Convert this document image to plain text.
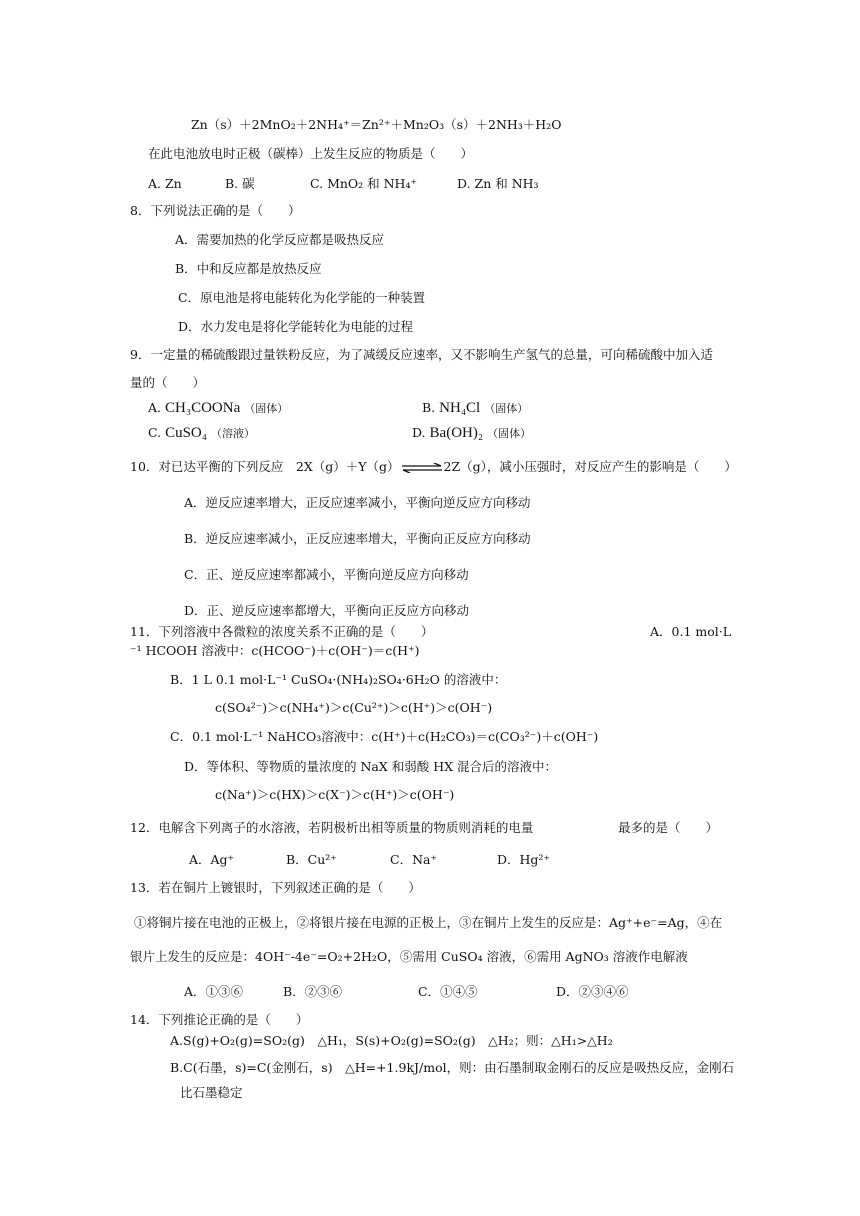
Zn（s）＋2MnO₂＋2NH₄⁺＝Zn²⁺＋Mn₂O₃（s）＋2NH₃＋H₂O
在此电池放电时正极（碳棒）上发生反应的物质是（　　）
A. Zn	B. 碳	C. MnO₂ 和 NH₄⁺	D. Zn 和 NH₃
8．下列说法正确的是（　　）
A．需要加热的化学反应都是吸热反应
B．中和反应都是放热反应
C．原电池是将电能转化为化学能的一种装置
D．水力发电是将化学能转化为电能的过程
9．一定量的稀硫酸跟过量铁粉反应，为了减缓反应速率，又不影响生产氢气的总量，可向稀硫酸中加入适
量的（　　）
A. CH₃COONa （固体）	B. NH₄Cl （固体）
C. CuSO₄ （溶液）	D. Ba(OH)₂ （固体）
10．对已达平衡的下列反应　2X（g）＋Y（g） ⇌ 2Z（g），减小压强时，对反应产生的影响是（　　）
A．逆反应速率增大，正反应速率减小，平衡向逆反应方向移动
B．逆反应速率减小，正反应速率增大，平衡向正反应方向移动
C．正、逆反应速率都减小，平衡向逆反应方向移动
D．正、逆反应速率都增大，平衡向正反应方向移动
11．下列溶液中各微粒的浓度关系不正确的是（　　）	A．0.1 mol·L
⁻¹ HCOOH 溶液中：c(HCOO⁻)＋c(OH⁻)＝c(H⁺)
B．1 L 0.1 mol·L⁻¹ CuSO₄·(NH₄)₂SO₄·6H₂O 的溶液中：
c(SO₄²⁻)＞c(NH₄⁺)＞c(Cu²⁺)＞c(H⁺)＞c(OH⁻)
C．0.1 mol·L⁻¹ NaHCO₃溶液中：c(H⁺)＋c(H₂CO₃)＝c(CO₃²⁻)＋c(OH⁻)
D．等体积、等物质的量浓度的 NaX 和弱酸 HX 混合后的溶液中：
c(Na⁺)＞c(HX)＞c(X⁻)＞c(H⁺)＞c(OH⁻)
12．电解含下列离子的水溶液，若阴极析出相等质量的物质则消耗的电量	最多的是（　　）
A．Ag⁺	B．Cu²⁺	C．Na⁺	D．Hg²⁺
13．若在铜片上镀银时，下列叙述正确的是（　　）
①将铜片接在电池的正极上，②将银片接在电源的正极上，③在铜片上发生的反应是：Ag⁺+e⁻=Ag，④在
银片上发生的反应是：4OH⁻-4e⁻=O₂+2H₂O，⑤需用 CuSO₄ 溶液，⑥需用 AgNO₃ 溶液作电解液
A．①③⑥	B．②③⑥	C．①④⑤	D．②③④⑥
14．下列推论正确的是（　　）
A.S(g)+O₂(g)=SO₂(g)　△H₁，S(s)+O₂(g)=SO₂(g)　△H₂；则：△H₁>△H₂
B.C(石墨，s)=C(金刚石，s)　△H=+1.9kJ/mol，则：由石墨制取金刚石的反应是吸热反应，金刚石
比石墨稳定
